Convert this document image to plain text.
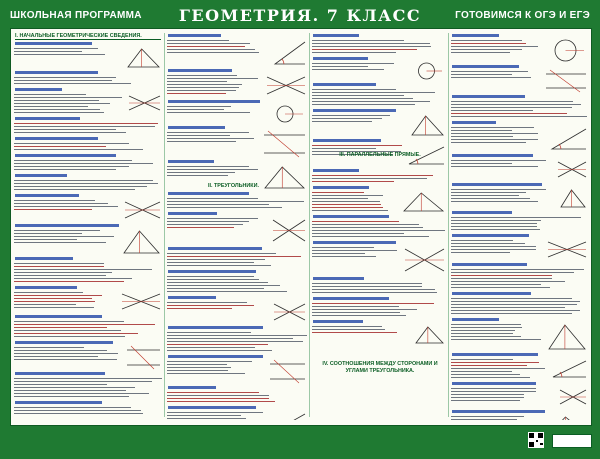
ШКОЛЬНАЯ ПРОГРАММА	ГЕОМЕТРИЯ. 7 КЛАСС	ГОТОВИМСЯ К ОГЭ И ЕГЭ
I. НАЧАЛЬНЫЕ ГЕОМЕТРИЧЕСКИЕ СВЕДЕНИЯ.
II. ТРЕУГОЛЬНИКИ.
III. ПАРАЛЛЕЛЬНЫЕ ПРЯМЫЕ.
IV. СООТНОШЕНИЯ МЕЖДУ СТОРОНАМИ И УГЛАМИ ТРЕУГОЛЬНИКА.
